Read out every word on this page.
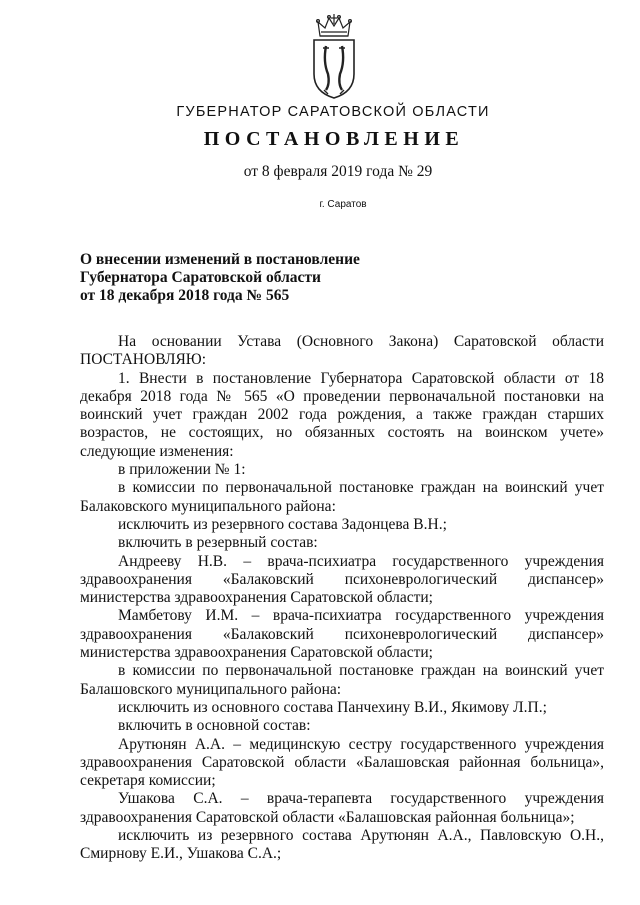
ГУБЕРНАТОР САРАТОВСКОЙ ОБЛАСТИ
ПОСТАНОВЛЕНИЕ
от 8 февраля 2019 года № 29
г. Саратов
О внесении изменений в постановление
Губернатора Саратовской области
от 18 декабря 2018 года № 565

На основании Устава (Основного Закона) Саратовской области ПОСТАНОВЛЯЮ:

1. Внести в постановление Губернатора Саратовской области от 18 декабря 2018 года № 565 «О проведении первоначальной постановки на воинский учет граждан 2002 года рождения, а также граждан старших возрастов, не состоящих, но обязанных состоять на воинском учете» следующие изменения:

в приложении № 1:

в комиссии по первоначальной постановке граждан на воинский учет Балаковского муниципального района:

исключить из резервного состава Задонцева В.Н.;

включить в резервный состав:

Андрееву Н.В. – врача-психиатра государственного учреждения здравоохранения «Балаковский психоневрологический диспансер» министерства здравоохранения Саратовской области;

Мамбетову И.М. – врача-психиатра государственного учреждения здравоохранения «Балаковский психоневрологический диспансер» министерства здравоохранения Саратовской области;

в комиссии по первоначальной постановке граждан на воинский учет Балашовского муниципального района:

исключить из основного состава Панчехину В.И., Якимову Л.П.;

включить в основной состав:

Арутюнян А.А. – медицинскую сестру государственного учреждения здравоохранения Саратовской области «Балашовская районная больница», секретаря комиссии;

Ушакова С.А. – врача-терапевта государственного учреждения здравоохранения Саратовской области «Балашовская районная больница»;

исключить из резервного состава Арутюнян А.А., Павловскую О.Н., Смирнову Е.И., Ушакова С.А.;
